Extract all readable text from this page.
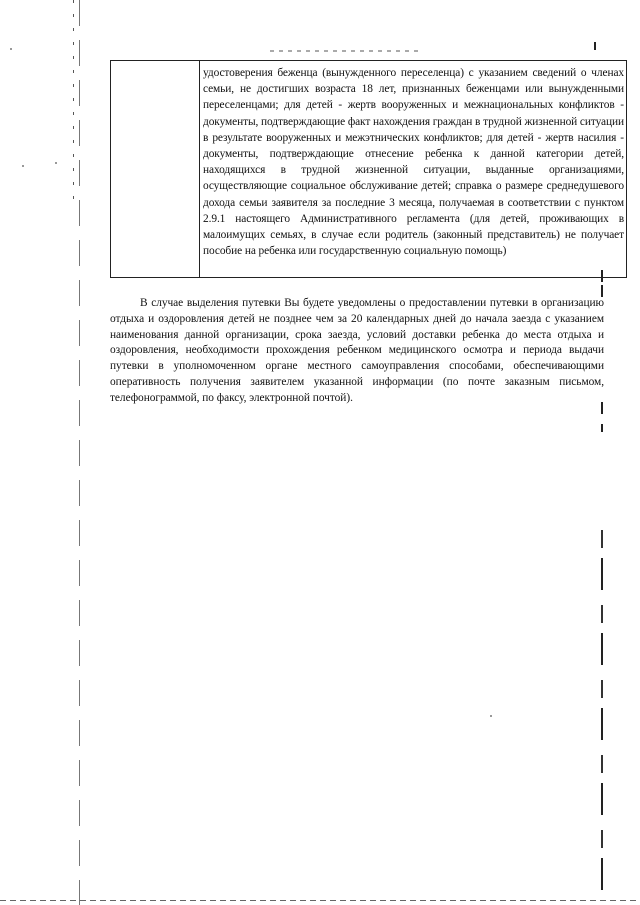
удостоверения беженца (вынужденного переселенца) с указанием сведений о членах семьи, не достигших возраста 18 лет, признанных беженцами или вынужденными переселенцами; для детей - жертв вооруженных и межнациональных конфликтов - документы, подтверждающие факт нахождения граждан в трудной жизненной ситуации в результате вооруженных и межэтнических конфликтов; для детей - жертв насилия - документы, подтверждающие отнесение ребенка к данной категории детей, находящихся в трудной жизненной ситуации, выданные организациями, осуществляющие социальное обслуживание детей; справка о размере среднедушевого дохода семьи заявителя за последние 3 месяца, получаемая в соответствии с пунктом 2.9.1 настоящего Административного регламента (для детей, проживающих в малоимущих семьях, в случае если родитель (законный представитель) не получает пособие на ребенка или государственную социальную помощь)

В случае выделения путевки Вы будете уведомлены о предоставлении путевки в организацию отдыха и оздоровления детей не позднее чем за 20 календарных дней до начала заезда с указанием наименования данной организации, срока заезда, условий доставки ребенка до места отдыха и оздоровления, необходимости прохождения ребенком медицинского осмотра и периода выдачи путевки в уполномоченном органе местного самоуправления способами, обеспечивающими оперативность получения заявителем указанной информации (по почте заказным письмом, телефонограммой, по факсу, электронной почтой).
